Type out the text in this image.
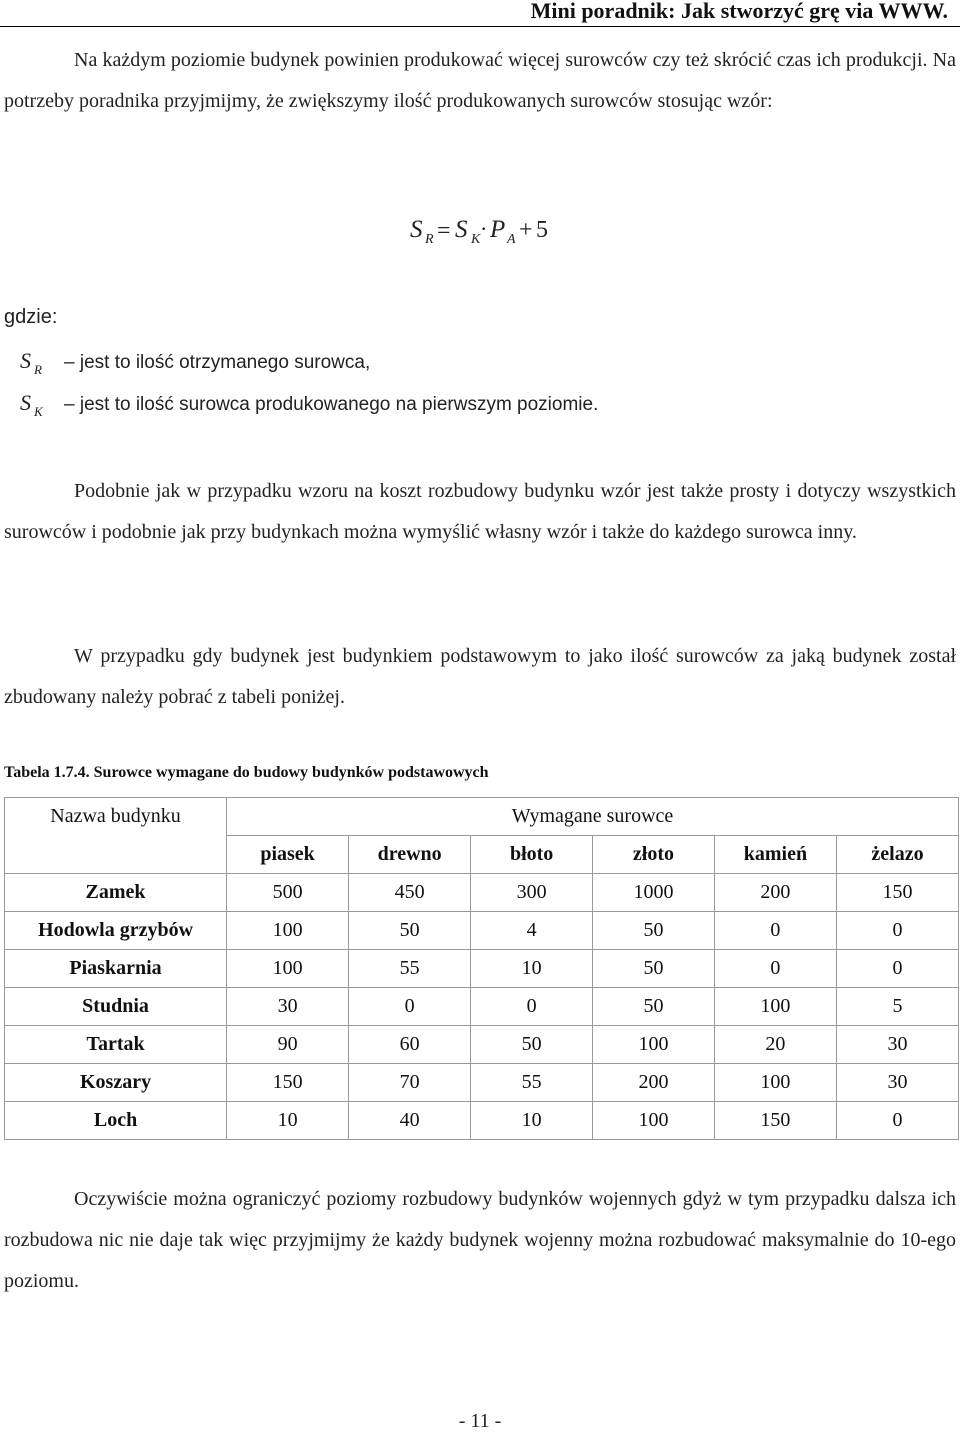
Mini poradnik: Jak stworzyć grę via WWW.

Na każdym poziomie budynek powinien produkować więcej surowców czy też skrócić czas ich produkcji. Na potrzeby poradnika przyjmijmy, że zwiększymy ilość produkowanych surowców stosując wzór:

S R = S K · P A + 5
gdzie:
S R – jest to ilość otrzymanego surowca,
S K – jest to ilość surowca produkowanego na pierwszym poziomie.

Podobnie jak w przypadku wzoru na koszt rozbudowy budynku wzór jest także prosty i dotyczy wszystkich surowców i podobnie jak przy budynkach można wymyślić własny wzór i także do każdego surowca inny.

W przypadku gdy budynek jest budynkiem podstawowym to jako ilość surowców za jaką budynek został zbudowany należy pobrać z tabeli poniżej.

Tabela 1.7.4. Surowce wymagane do budowy budynków podstawowych
Nazwa budynku	Wymagane surowce					
	piasek	drewno	błoto	złoto	kamień	żelazo
Zamek	500	450	300	1000	200	150
Hodowla grzybów	100	50	4	50	0	0
Piaskarnia	100	55	10	50	0	0
Studnia	30	0	0	50	100	5
Tartak	90	60	50	100	20	30
Koszary	150	70	55	200	100	30
Loch	10	40	10	100	150	0

Oczywiście można ograniczyć poziomy rozbudowy budynków wojennych gdyż w tym przypadku dalsza ich rozbudowa nic nie daje tak więc przyjmijmy że każdy budynek wojenny można rozbudować maksymalnie do 10-ego poziomu.

- 11 -
